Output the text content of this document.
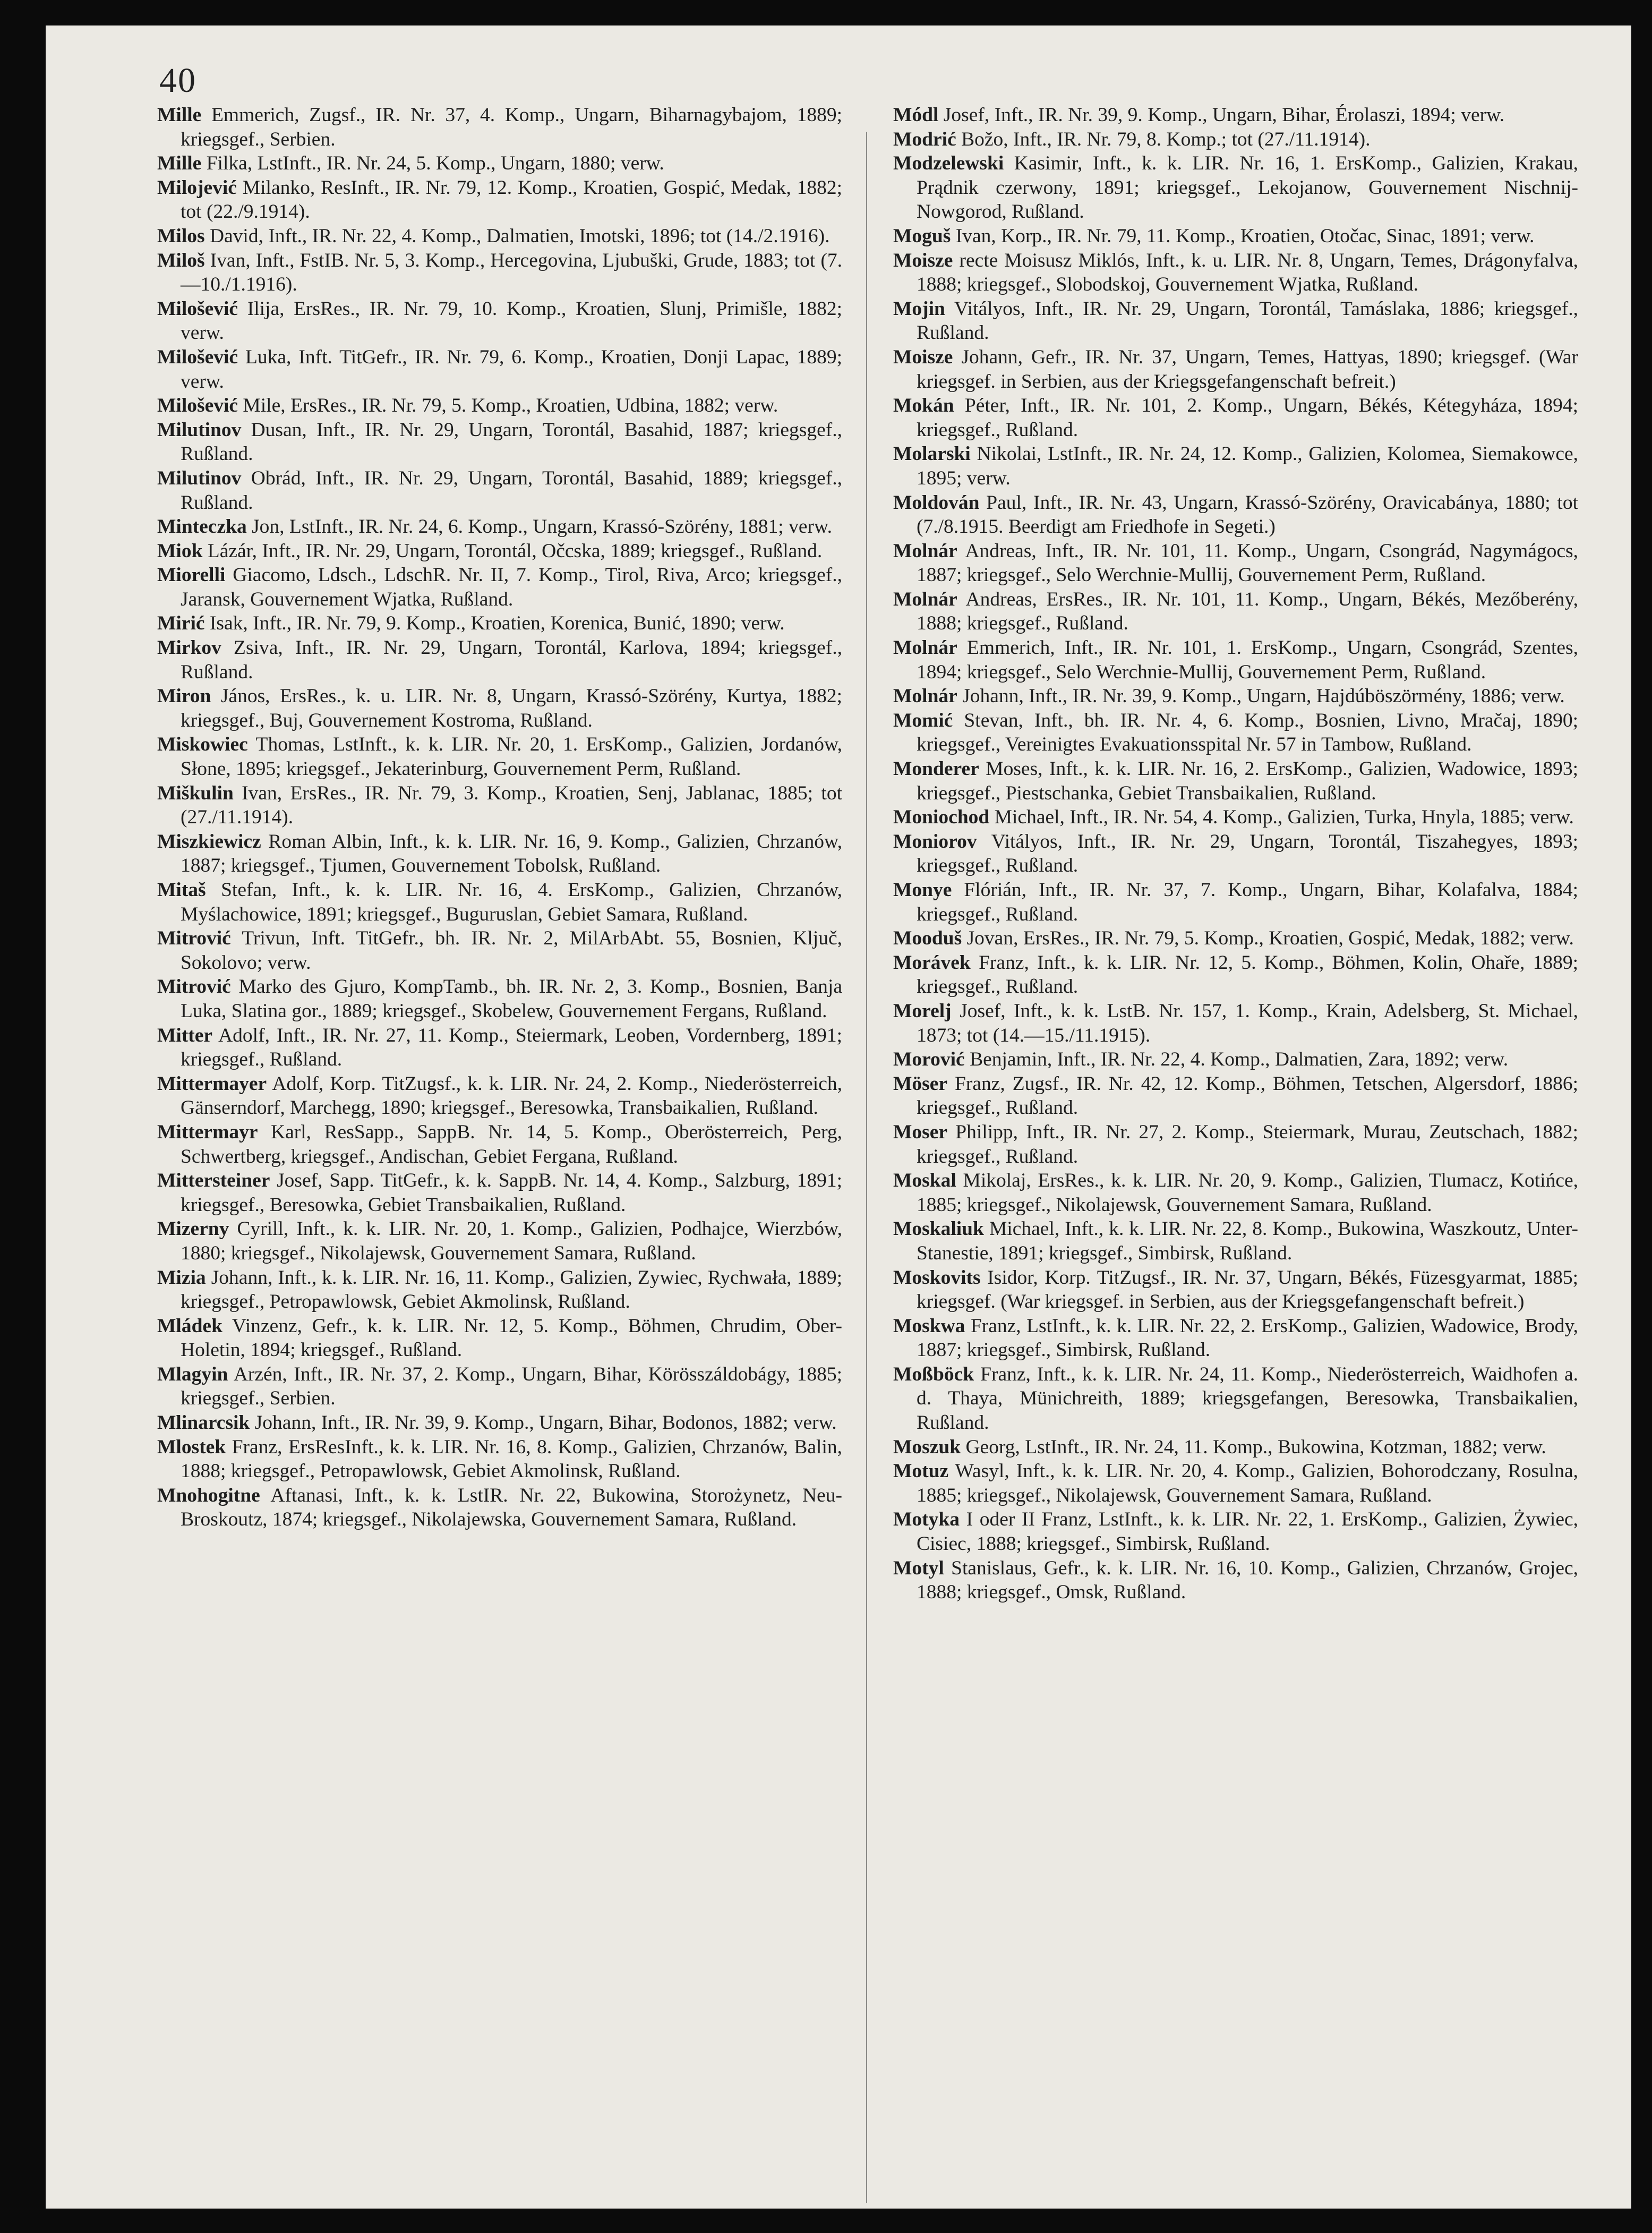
40

Mille Emmerich, Zugsf., IR. Nr. 37, 4. Komp., Ungarn, Biharnagybajom, 1889; kriegsgef., Serbien.

Mille Filka, LstInft., IR. Nr. 24, 5. Komp., Ungarn, 1880; verw.

Milojević Milanko, ResInft., IR. Nr. 79, 12. Komp., Kroatien, Gospić, Medak, 1882; tot (22./9.1914).

Milos David, Inft., IR. Nr. 22, 4. Komp., Dalmatien, Imotski, 1896; tot (14./2.1916).

Miloš Ivan, Inft., FstIB. Nr. 5, 3. Komp., Hercegovina, Ljubuški, Grude, 1883; tot (7.—10./1.1916).

Milošević Ilija, ErsRes., IR. Nr. 79, 10. Komp., Kroatien, Slunj, Primišle, 1882; verw.

Milošević Luka, Inft. TitGefr., IR. Nr. 79, 6. Komp., Kroatien, Donji Lapac, 1889; verw.

Milošević Mile, ErsRes., IR. Nr. 79, 5. Komp., Kroatien, Udbina, 1882; verw.

Milutinov Dusan, Inft., IR. Nr. 29, Ungarn, Torontál, Basahid, 1887; kriegsgef., Rußland.

Milutinov Obrád, Inft., IR. Nr. 29, Ungarn, Torontál, Basahid, 1889; kriegsgef., Rußland.

Minteczka Jon, LstInft., IR. Nr. 24, 6. Komp., Ungarn, Krassó-Szörény, 1881; verw.

Miok Lázár, Inft., IR. Nr. 29, Ungarn, Torontál, Očcska, 1889; kriegsgef., Rußland.

Miorelli Giacomo, Ldsch., LdschR. Nr. II, 7. Komp., Tirol, Riva, Arco; kriegsgef., Jaransk, Gouvernement Wjatka, Rußland.

Mirić Isak, Inft., IR. Nr. 79, 9. Komp., Kroatien, Korenica, Bunić, 1890; verw.

Mirkov Zsiva, Inft., IR. Nr. 29, Ungarn, Torontál, Karlova, 1894; kriegsgef., Rußland.

Miron János, ErsRes., k. u. LIR. Nr. 8, Ungarn, Krassó-Szörény, Kurtya, 1882; kriegsgef., Buj, Gouvernement Kostroma, Rußland.

Miskowiec Thomas, LstInft., k. k. LIR. Nr. 20, 1. ErsKomp., Galizien, Jordanów, Słone, 1895; kriegsgef., Jekaterinburg, Gouvernement Perm, Rußland.

Miškulin Ivan, ErsRes., IR. Nr. 79, 3. Komp., Kroatien, Senj, Jablanac, 1885; tot (27./11.1914).

Miszkiewicz Roman Albin, Inft., k. k. LIR. Nr. 16, 9. Komp., Galizien, Chrzanów, 1887; kriegsgef., Tjumen, Gouvernement Tobolsk, Rußland.

Mitaš Stefan, Inft., k. k. LIR. Nr. 16, 4. ErsKomp., Galizien, Chrzanów, Myślachowice, 1891; kriegsgef., Buguruslan, Gebiet Samara, Rußland.

Mitrović Trivun, Inft. TitGefr., bh. IR. Nr. 2, MilArbAbt. 55, Bosnien, Ključ, Sokolovo; verw.

Mitrović Marko des Gjuro, KompTamb., bh. IR. Nr. 2, 3. Komp., Bosnien, Banja Luka, Slatina gor., 1889; kriegsgef., Skobelew, Gouvernement Fergans, Rußland.

Mitter Adolf, Inft., IR. Nr. 27, 11. Komp., Steiermark, Leoben, Vordernberg, 1891; kriegsgef., Rußland.

Mittermayer Adolf, Korp. TitZugsf., k. k. LIR. Nr. 24, 2. Komp., Niederösterreich, Gänserndorf, Marchegg, 1890; kriegsgef., Beresowka, Transbaikalien, Rußland.

Mittermayr Karl, ResSapp., SappB. Nr. 14, 5. Komp., Oberösterreich, Perg, Schwertberg, kriegsgef., Andischan, Gebiet Fergana, Rußland.

Mittersteiner Josef, Sapp. TitGefr., k. k. SappB. Nr. 14, 4. Komp., Salzburg, 1891; kriegsgef., Beresowka, Gebiet Transbaikalien, Rußland.

Mizerny Cyrill, Inft., k. k. LIR. Nr. 20, 1. Komp., Galizien, Podhajce, Wierzbów, 1880; kriegsgef., Nikolajewsk, Gouvernement Samara, Rußland.

Mizia Johann, Inft., k. k. LIR. Nr. 16, 11. Komp., Galizien, Zywiec, Rychwała, 1889; kriegsgef., Petropawlowsk, Gebiet Akmolinsk, Rußland.

Mládek Vinzenz, Gefr., k. k. LIR. Nr. 12, 5. Komp., Böhmen, Chrudim, Ober-Holetin, 1894; kriegsgef., Rußland.

Mlagyin Arzén, Inft., IR. Nr. 37, 2. Komp., Ungarn, Bihar, Körösszáldobágy, 1885; kriegsgef., Serbien.

Mlinarcsik Johann, Inft., IR. Nr. 39, 9. Komp., Ungarn, Bihar, Bodonos, 1882; verw.

Mlostek Franz, ErsResInft., k. k. LIR. Nr. 16, 8. Komp., Galizien, Chrzanów, Balin, 1888; kriegsgef., Petropawlowsk, Gebiet Akmolinsk, Rußland.

Mnohogitne Aftanasi, Inft., k. k. LstIR. Nr. 22, Bukowina, Storożynetz, Neu-Broskoutz, 1874; kriegsgef., Nikolajewska, Gouvernement Samara, Rußland.

Módl Josef, Inft., IR. Nr. 39, 9. Komp., Ungarn, Bihar, Érolaszi, 1894; verw.

Modrić Božo, Inft., IR. Nr. 79, 8. Komp.; tot (27./11.1914).

Modzelewski Kasimir, Inft., k. k. LIR. Nr. 16, 1. ErsKomp., Galizien, Krakau, Prądnik czerwony, 1891; kriegsgef., Lekojanow, Gouvernement Nischnij-Nowgorod, Rußland.

Moguš Ivan, Korp., IR. Nr. 79, 11. Komp., Kroatien, Otočac, Sinac, 1891; verw.

Moisze recte Moisusz Miklós, Inft., k. u. LIR. Nr. 8, Ungarn, Temes, Drágonyfalva, 1888; kriegsgef., Slobodskoj, Gouvernement Wjatka, Rußland.

Mojin Vitályos, Inft., IR. Nr. 29, Ungarn, Torontál, Tamáslaka, 1886; kriegsgef., Rußland.

Moisze Johann, Gefr., IR. Nr. 37, Ungarn, Temes, Hattyas, 1890; kriegsgef. (War kriegsgef. in Serbien, aus der Kriegsgefangenschaft befreit.)

Mokán Péter, Inft., IR. Nr. 101, 2. Komp., Ungarn, Békés, Kétegyháza, 1894; kriegsgef., Rußland.

Molarski Nikolai, LstInft., IR. Nr. 24, 12. Komp., Galizien, Kolomea, Siemakowce, 1895; verw.

Moldován Paul, Inft., IR. Nr. 43, Ungarn, Krassó-Szörény, Oravicabánya, 1880; tot (7./8.1915. Beerdigt am Friedhofe in Segeti.)

Molnár Andreas, Inft., IR. Nr. 101, 11. Komp., Ungarn, Csongrád, Nagymágocs, 1887; kriegsgef., Selo Werchnie-Mullij, Gouvernement Perm, Rußland.

Molnár Andreas, ErsRes., IR. Nr. 101, 11. Komp., Ungarn, Békés, Mezőberény, 1888; kriegsgef., Rußland.

Molnár Emmerich, Inft., IR. Nr. 101, 1. ErsKomp., Ungarn, Csongrád, Szentes, 1894; kriegsgef., Selo Werchnie-Mullij, Gouvernement Perm, Rußland.

Molnár Johann, Inft., IR. Nr. 39, 9. Komp., Ungarn, Hajdúböszörmény, 1886; verw.

Momić Stevan, Inft., bh. IR. Nr. 4, 6. Komp., Bosnien, Livno, Mračaj, 1890; kriegsgef., Vereinigtes Evakuationsspital Nr. 57 in Tambow, Rußland.

Monderer Moses, Inft., k. k. LIR. Nr. 16, 2. ErsKomp., Galizien, Wadowice, 1893; kriegsgef., Piestschanka, Gebiet Transbaikalien, Rußland.

Moniochod Michael, Inft., IR. Nr. 54, 4. Komp., Galizien, Turka, Hnyla, 1885; verw.

Moniorov Vitályos, Inft., IR. Nr. 29, Ungarn, Torontál, Tiszahegyes, 1893; kriegsgef., Rußland.

Monye Flórián, Inft., IR. Nr. 37, 7. Komp., Ungarn, Bihar, Kolafalva, 1884; kriegsgef., Rußland.

Mooduš Jovan, ErsRes., IR. Nr. 79, 5. Komp., Kroatien, Gospić, Medak, 1882; verw.

Morávek Franz, Inft., k. k. LIR. Nr. 12, 5. Komp., Böhmen, Kolin, Ohaře, 1889; kriegsgef., Rußland.

Morelj Josef, Inft., k. k. LstB. Nr. 157, 1. Komp., Krain, Adelsberg, St. Michael, 1873; tot (14.—15./11.1915).

Morović Benjamin, Inft., IR. Nr. 22, 4. Komp., Dalmatien, Zara, 1892; verw.

Möser Franz, Zugsf., IR. Nr. 42, 12. Komp., Böhmen, Tetschen, Algersdorf, 1886; kriegsgef., Rußland.

Moser Philipp, Inft., IR. Nr. 27, 2. Komp., Steiermark, Murau, Zeutschach, 1882; kriegsgef., Rußland.

Moskal Mikolaj, ErsRes., k. k. LIR. Nr. 20, 9. Komp., Galizien, Tlumacz, Kotińce, 1885; kriegsgef., Nikolajewsk, Gouvernement Samara, Rußland.

Moskaliuk Michael, Inft., k. k. LIR. Nr. 22, 8. Komp., Bukowina, Waszkoutz, Unter-Stanestie, 1891; kriegsgef., Simbirsk, Rußland.

Moskovits Isidor, Korp. TitZugsf., IR. Nr. 37, Ungarn, Békés, Füzesgyarmat, 1885; kriegsgef. (War kriegsgef. in Serbien, aus der Kriegsgefangenschaft befreit.)

Moskwa Franz, LstInft., k. k. LIR. Nr. 22, 2. ErsKomp., Galizien, Wadowice, Brody, 1887; kriegsgef., Simbirsk, Rußland.

Moßböck Franz, Inft., k. k. LIR. Nr. 24, 11. Komp., Niederösterreich, Waidhofen a. d. Thaya, Münichreith, 1889; kriegsgefangen, Beresowka, Transbaikalien, Rußland.

Moszuk Georg, LstInft., IR. Nr. 24, 11. Komp., Bukowina, Kotzman, 1882; verw.

Motuz Wasyl, Inft., k. k. LIR. Nr. 20, 4. Komp., Galizien, Bohorodczany, Rosulna, 1885; kriegsgef., Nikolajewsk, Gouvernement Samara, Rußland.

Motyka I oder II Franz, LstInft., k. k. LIR. Nr. 22, 1. ErsKomp., Galizien, Żywiec, Cisiec, 1888; kriegsgef., Simbirsk, Rußland.

Motyl Stanislaus, Gefr., k. k. LIR. Nr. 16, 10. Komp., Galizien, Chrzanów, Grojec, 1888; kriegsgef., Omsk, Rußland.
